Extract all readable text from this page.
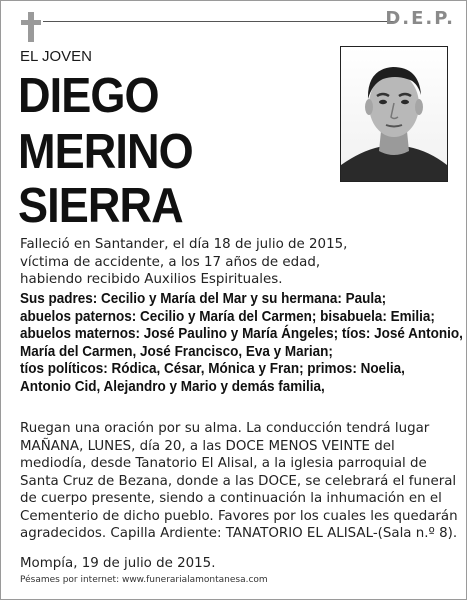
D.E.P.
EL JOVEN
DIEGO
MERINO
SIERRA
Falleció en Santander, el día 18 de julio de 2015,
víctima de accidente, a los 17 años de edad,
habiendo recibido Auxilios Espirituales.
Sus padres: Cecilio y María del Mar y su hermana: Paula;
abuelos paternos: Cecilio y María del Carmen; bisabuela: Emilia;
abuelos maternos: José Paulino y María Ángeles; tíos: José Antonio,
María del Carmen, José Francisco, Eva y Marian;
tíos políticos: Ródica, César, Mónica y Fran; primos: Noelia,
Antonio Cid, Alejandro y Mario y demás familia,
Ruegan una oración por su alma. La conducción tendrá lugar
MAÑANA, LUNES, día 20, a las DOCE MENOS VEINTE del
mediodía, desde Tanatorio El Alisal, a la iglesia parroquial de
Santa Cruz de Bezana, donde a las DOCE, se celebrará el funeral
de cuerpo presente, siendo a continuación la inhumación en el
Cementerio de dicho pueblo. Favores por los cuales les quedarán
agradecidos. Capilla Ardiente: TANATORIO EL ALISAL-(Sala n.º 8).
Mompía, 19 de julio de 2015.
Pésames por internet: www.funerarialamontanesa.com
